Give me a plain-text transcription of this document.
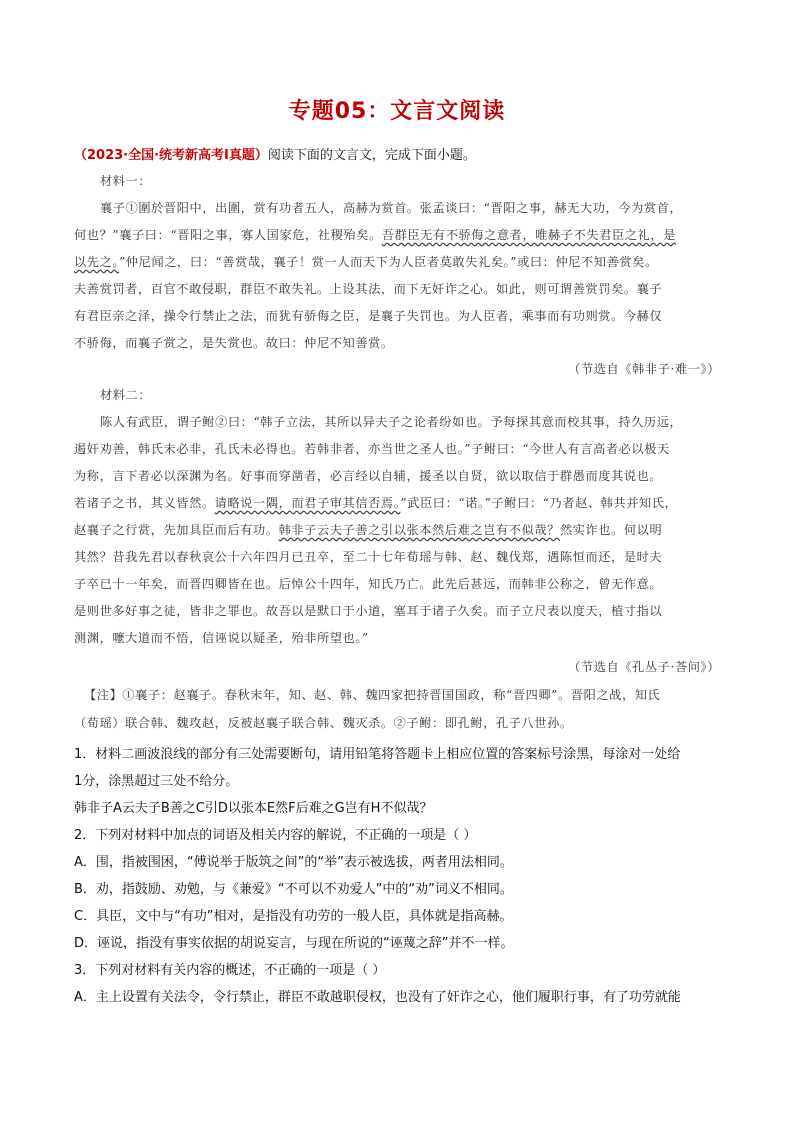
专题05：文言文阅读
（2023·全国·统考新高考Ⅰ真题）阅读下面的文言文，完成下面小题。
材料一：
襄子①圍於晋阳中，出圍，赏有功者五人，高赫为赏首。张孟谈曰：“晋阳之事，赫无大功，今为赏首，
何也？”襄子曰：“晋阳之事，寡人国家危，社稷殆矣。吾群臣无有不骄侮之意者，唯赫子不失君臣之礼，是
以先之。”仲尼闻之，曰：“善赏哉，襄子！赏一人而天下为人臣者莫敢失礼矣。”或曰：仲尼不知善赏矣。
夫善赏罚者，百官不敢侵职，群臣不敢失礼。上设其法，而下无奸诈之心。如此，则可谓善赏罚矣。襄子
有君臣亲之泽，操令行禁止之法，而犹有骄侮之臣，是襄子失罚也。为人臣者，乘事而有功则赏。今赫仅
不骄侮，而襄子赏之，是失赏也。故曰：仲尼不知善赏。
（节选自《韩非子·难一》）
材料二：
陈人有武臣，谓子鲋②曰：“韩子立法，其所以异夫子之论者纷如也。予每探其意而校其事，持久历远，
遏奸劝善，韩氏未必非，孔氏未必得也。若韩非者，亦当世之圣人也。”子鲋曰：“今世人有言高者必以极天
为称，言下者必以深渊为名。好事而穿凿者，必言经以自辅，援圣以自贤，欲以取信于群愚而度其说也。
若诸子之书，其义皆然。请略说一隅，而君子审其信否焉。”武臣曰：“诺。”子鲋曰：“乃者赵、韩共并知氏，
赵襄子之行赏，先加具臣而后有功。韩非子云夫子善之引以张本然后难之岂有不似哉？然实诈也。何以明
其然？昔我先君以春秋哀公十六年四月已丑卒，至二十七年荀瑶与韩、赵、魏伐郑，遇陈恒而还，是时夫
子卒已十一年矣，而晋四卿皆在也。后悼公十四年，知氏乃亡。此先后甚远，而韩非公称之，曾无作意。
是则世多好事之徒，皆非之罪也。故吾以是默口于小道，塞耳于诸子久矣。而子立尺表以度天，植寸指以
测渊，嚒大道而不悟，信诬说以疑圣，殆非所望也。”
（节选自《孔丛子·荅问》）
【注】①襄子：赵襄子。春秋末年，知、赵、韩、魏四家把持晋国国政，称“晋四卿”。晋阳之战，知氏
（荀瑶）联合韩、魏攻赵，反被赵襄子联合韩、魏灭杀。②子鲋：即孔鲋，孔子八世孙。
1．材料二画波浪线的部分有三处需要断句，请用铅笔将答题卡上相应位置的答案标号涂黑，每涂对一处给
1分，涂黑超过三处不给分。
韩非子A云夫子B善之C引D以张本E然F后难之G岂有H不似哉？
2．下列对材料中加点的词语及相关内容的解说，不正确的一项是（ ）
A．围，指被围困，“傅说举于版筑之间”的“举”表示被选拔，两者用法相同。
B．劝，指鼓励、劝勉，与《兼爱》“不可以不劝爱人”中的“劝”词义不相同。
C．具臣，文中与“有功”相对，是指没有功劳的一般人臣，具体就是指高赫。
D．诬说，指没有事实依据的胡说妄言，与现在所说的“诬蔑之辞”并不一样。
3．下列对材料有关内容的概述，不正确的一项是（ ）
A．主上设置有关法令，令行禁止，群臣不敢越职侵权，也没有了奸诈之心，他们履职行事，有了功劳就能
